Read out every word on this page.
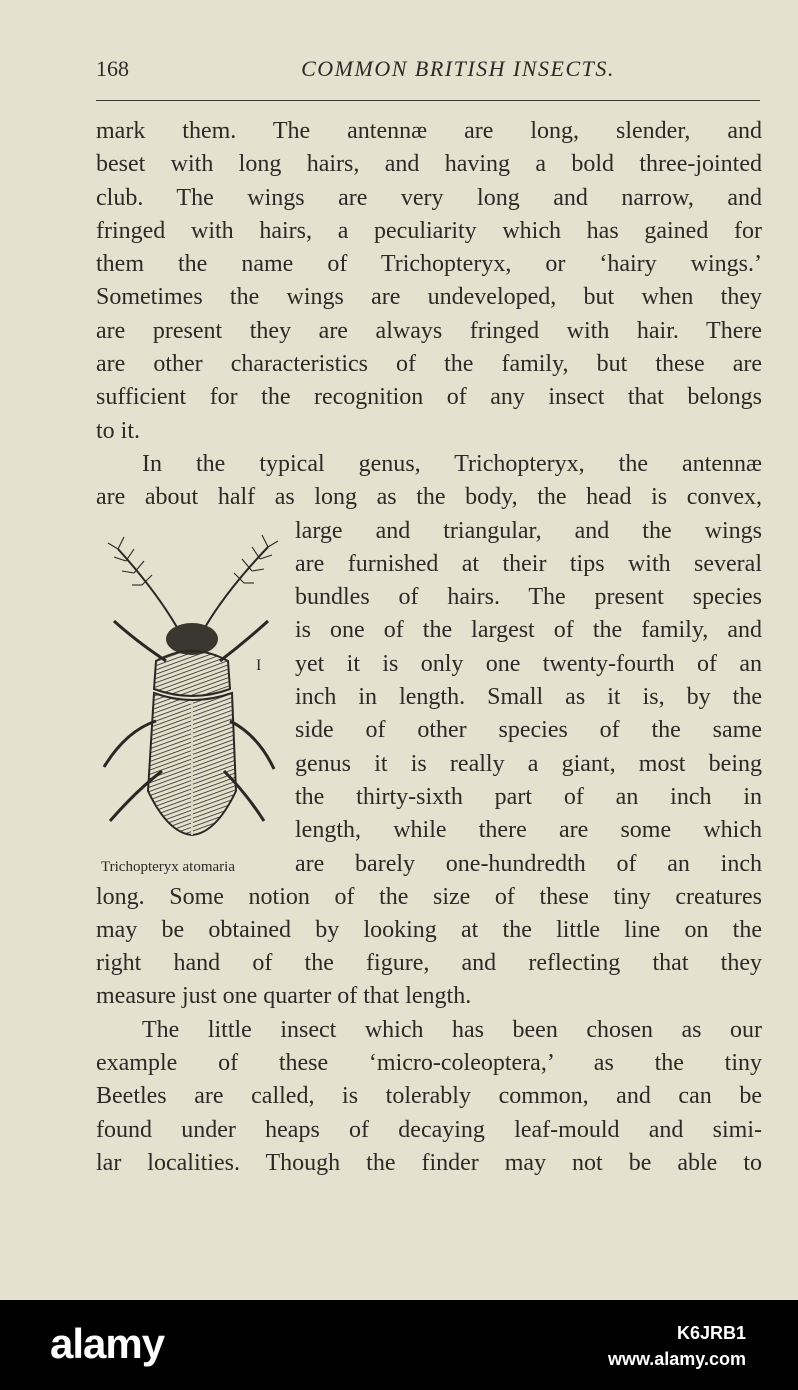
168	COMMON BRITISH INSECTS.
mark them. The antennæ are long, slender, and
beset with long hairs, and having a bold three-jointed
club. The wings are very long and narrow, and
fringed with hairs, a peculiarity which has gained for
them the name of Trichopteryx, or ‘hairy wings.’
Sometimes the wings are undeveloped, but when they
are present they are always fringed with hair. There
are other characteristics of the family, but these are
sufficient for the recognition of any insect that belongs
to it.
In the typical genus, Trichopteryx, the antennæ
are about half as long as the body, the head is convex,
I
Trichopteryx atomaria
large and triangular, and the wings
are furnished at their tips with several
bundles of hairs. The present species
is one of the largest of the family, and
yet it is only one twenty-fourth of an
inch in length. Small as it is, by the
side of other species of the same
genus it is really a giant, most being
the thirty-sixth part of an inch in
length, while there are some which
are barely one-hundredth of an inch
long. Some notion of the size of these tiny creatures
may be obtained by looking at the little line on the
right hand of the figure, and reflecting that they
measure just one quarter of that length.
The little insect which has been chosen as our
example of these ‘micro-coleoptera,’ as the tiny
Beetles are called, is tolerably common, and can be
found under heaps of decaying leaf-mould and simi-
lar localities. Though the finder may not be able to
alamy	K6JRB1
www.alamy.com
